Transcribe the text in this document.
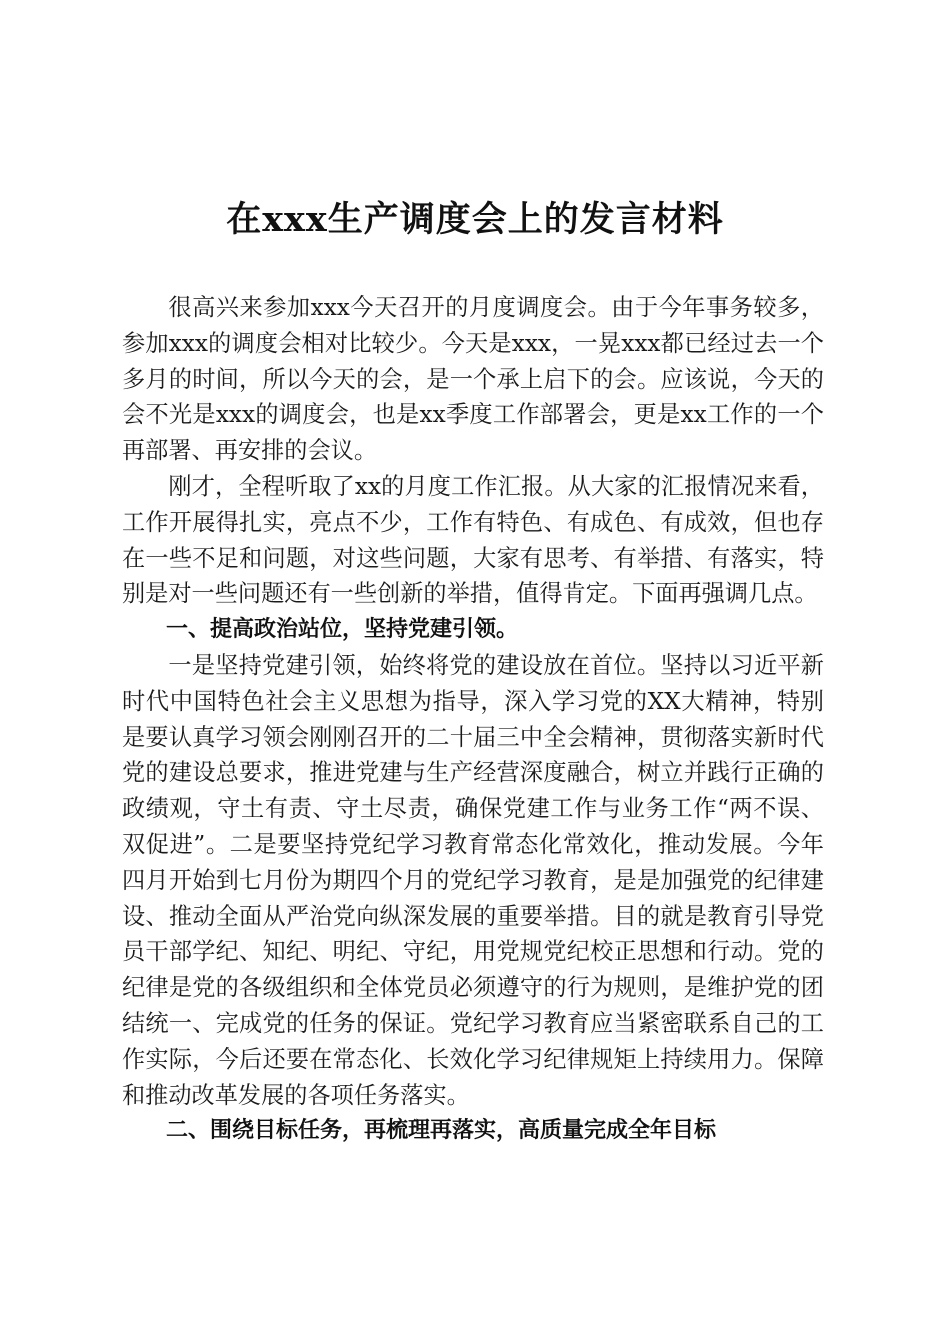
在xxx生产调度会上的发言材料

很高兴来参加xxx今天召开的月度调度会。由于今年事务较多，参加xxx的调度会相对比较少。今天是xxx，一晃xxx都已经过去一个多月的时间，所以今天的会，是一个承上启下的会。应该说，今天的会不光是xxx的调度会，也是xx季度工作部署会，更是xx工作的一个再部署、再安排的会议。

刚才，全程听取了xx的月度工作汇报。从大家的汇报情况来看，工作开展得扎实，亮点不少，工作有特色、有成色、有成效，但也存在一些不足和问题，对这些问题，大家有思考、有举措、有落实，特别是对一些问题还有一些创新的举措，值得肯定。下面再强调几点。

一、提高政治站位，坚持党建引领。

一是坚持党建引领，始终将党的建设放在首位。坚持以习近平新时代中国特色社会主义思想为指导，深入学习党的XX大精神，特别是要认真学习领会刚刚召开的二十届三中全会精神，贯彻落实新时代党的建设总要求，推进党建与生产经营深度融合，树立并践行正确的政绩观，守土有责、守土尽责，确保党建工作与业务工作“两不误、双促进”。二是要坚持党纪学习教育常态化常效化，推动发展。今年四月开始到七月份为期四个月的党纪学习教育，是是加强党的纪律建设、推动全面从严治党向纵深发展的重要举措。目的就是教育引导党员干部学纪、知纪、明纪、守纪，用党规党纪校正思想和行动。党的纪律是党的各级组织和全体党员必须遵守的行为规则，是维护党的团结统一、完成党的任务的保证。党纪学习教育应当紧密联系自己的工作实际，今后还要在常态化、长效化学习纪律规矩上持续用力。保障和推动改革发展的各项任务落实。

二、围绕目标任务，再梳理再落实，高质量完成全年目标
